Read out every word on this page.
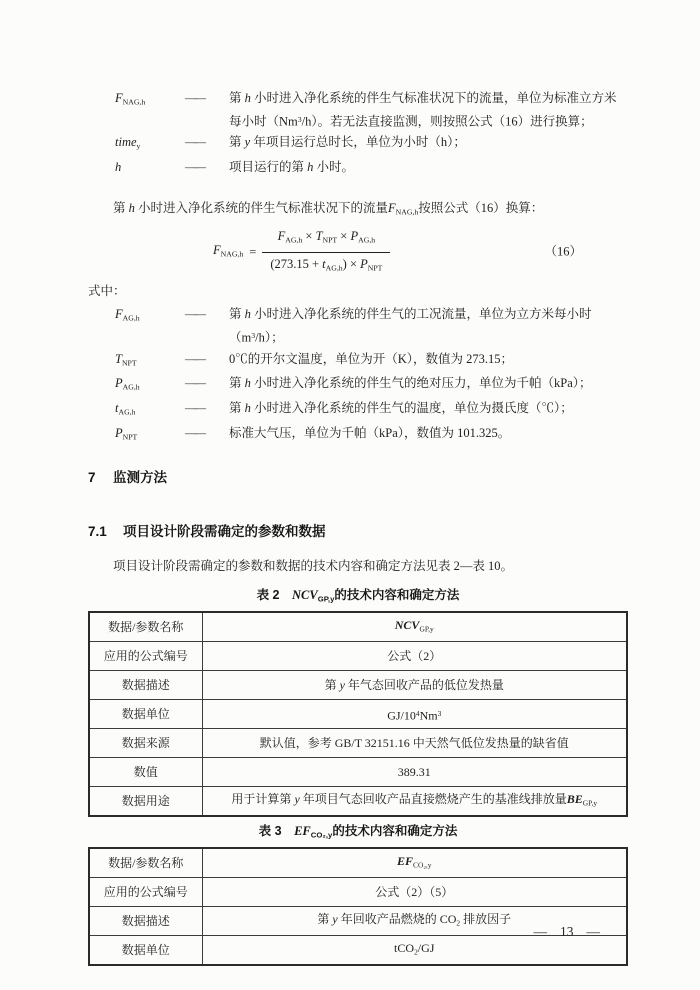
$F_{NAG,h}$	——	第 h 小时进入净化系统的伴生气标准状况下的流量，单位为标准立方米每小时（Nm$^3$/h）。若无法直接监测，则按照公式（16）进行换算；
time$_y$	——	第 y 年项目运行总时长，单位为小时（h）；
h	——	项目运行的第 h 小时。

第 h 小时进入净化系统的伴生气标准状况下的流量$F_{NAG,h}$按照公式（16）换算：

$F_{NAG,h} = \frac{F_{AG,h} \times T_{NPT} \times P_{AG,h}}{(273.15 + t_{AG,h}) \times P_{NPT}}$	（16）

式中：

$F_{AG,h}$	——	第 h 小时进入净化系统的伴生气的工况流量，单位为立方米每小时$(m^3/h)$；
$T_{NPT}$	——	0℃的开尔文温度，单位为开（K），数值为 273.15；
$P_{AG,h}$	——	第 h 小时进入净化系统的伴生气的绝对压力，单位为千帕（kPa）；
$t_{AG,h}$	——	第 h 小时进入净化系统的伴生气的温度，单位为摄氏度（℃）；
$P_{NPT}$	——	标准大气压，单位为千帕（kPa），数值为 101.325。
7	监测方法
7.1	项目设计阶段需确定的参数和数据

项目设计阶段需确定的参数和数据的技术内容和确定方法见表 2—表 10。

表 2　$NCV_{GP,y}$的技术内容和确定方法
数据/参数名称	$NCV_{GP,y}$
应用的公式编号	公式（2）
数据描述	第 y 年气态回收产品的低位发热量
数据单位	$GJ/10^4Nm^3$
数据来源	默认值，参考 GB/T 32151.16 中天然气低位发热量的缺省值
数值	389.31
数据用途	用于计算第 y 年项目气态回收产品直接燃烧产生的基准线排放量$BE_{GP,y}$
表 3　$EF_{CO_2,y}$的技术内容和确定方法
数据/参数名称	$EF_{CO_2,y}$
应用的公式编号	公式（2）（5）
数据描述	第 y 年回收产品燃烧的 $CO_2$ 排放因子
数据单位	tCO$_2$/GJ
— 13 —
